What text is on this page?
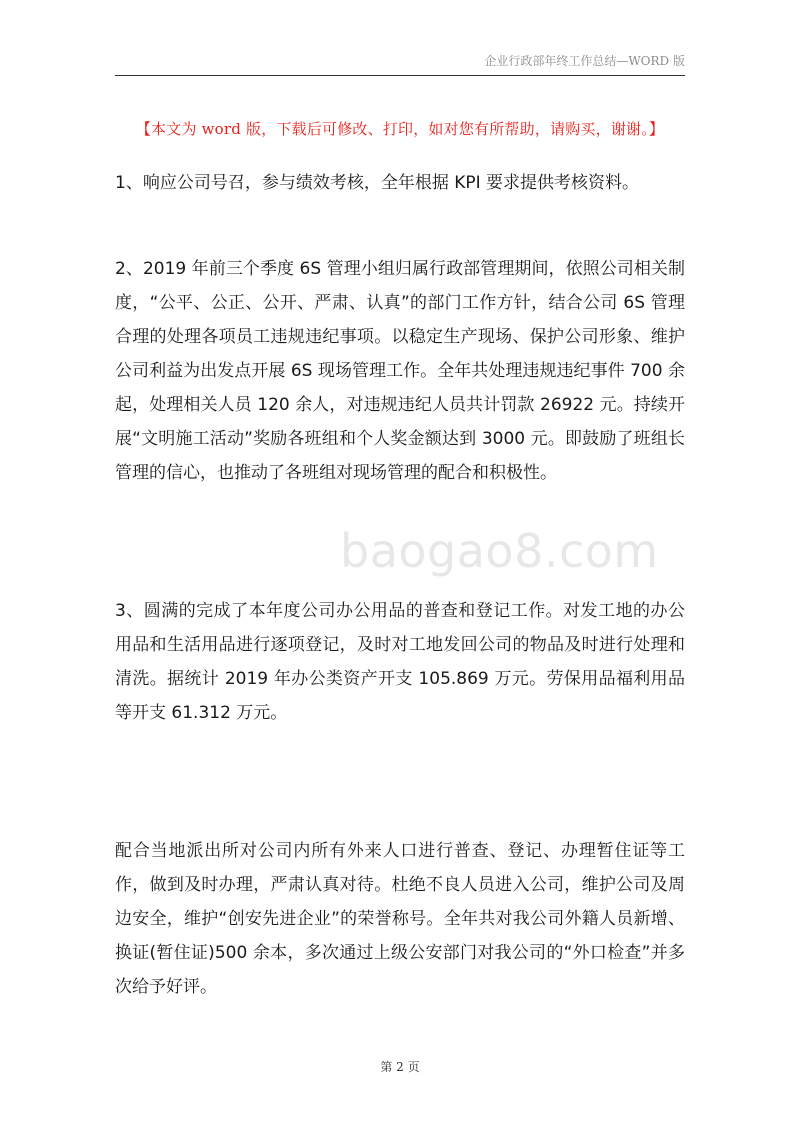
企业行政部年终工作总结—WORD 版
【本文为 word 版，下载后可修改、打印，如对您有所帮助，请购买，谢谢。】

1、响应公司号召，参与绩效考核，全年根据 KPI 要求提供考核资料。

2、2019 年前三个季度 6S 管理小组归属行政部管理期间，依照公司相关制度，“公平、公正、公开、严肃、认真”的部门工作方针，结合公司 6S 管理合理的处理各项员工违规违纪事项。以稳定生产现场、保护公司形象、维护公司利益为出发点开展 6S 现场管理工作。全年共处理违规违纪事件 700 余起，处理相关人员 120 余人，对违规违纪人员共计罚款 26922 元。持续开展“文明施工活动”奖励各班组和个人奖金额达到 3000 元。即鼓励了班组长管理的信心，也推动了各班组对现场管理的配合和积极性。

3、圆满的完成了本年度公司办公用品的普查和登记工作。对发工地的办公用品和生活用品进行逐项登记，及时对工地发回公司的物品及时进行处理和清洗。据统计 2019 年办公类资产开支 105.869 万元。劳保用品福利用品等开支 61.312 万元。

配合当地派出所对公司内所有外来人口进行普查、登记、办理暂住证等工作，做到及时办理，严肃认真对待。杜绝不良人员进入公司，维护公司及周边安全，维护“创安先进企业”的荣誉称号。全年共对我公司外籍人员新增、换证(暂住证)500 余本，多次通过上级公安部门对我公司的“外口检查”并多次给予好评。

baogao8.com
第 2 页
